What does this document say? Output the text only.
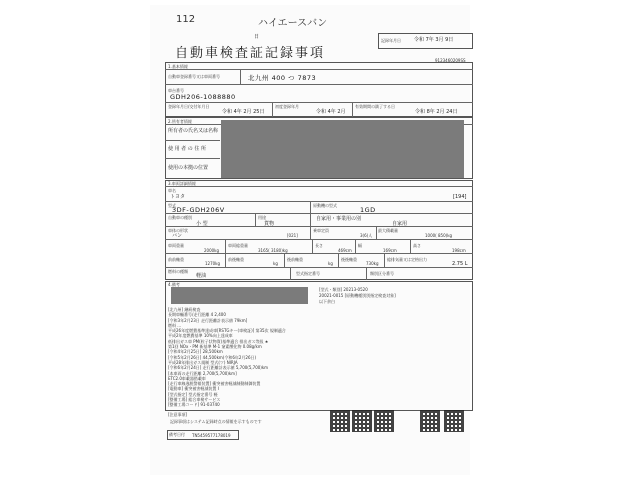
112	ハイエースバン
日
自動車検査証記録事項
記録年月日	令和 7年 3月 9日
9123460209SS
1.基本情報
自動車登録番号又は車両番号	北九州 400 つ 7873
車台番号
GDH206-1088880
登録年月日/交付年月日
令和 4年 2月 25日
初度登録年月
令和 4年 2月
有効期間の満了する日
令和 8年 2月 24日
2.所有者情報
所有者の氏名又は名称
使 用 者 の 住 所
使用の本拠の位置
3.車両詳細情報
車名
トヨタ	[194]
型式
3DF-GDH206V
原動機の型式
1GD
自動車の種別
小 型
用途
貨物
自家用・事業用の別
自家用
車体の形状
バン	[021]
乗車定員
3(6)人
最大積載量
1000( 850)kg
車両重量
2000kg
車両総重量
3165( 3180)kg
長さ
469cm
幅
169cm
高さ
198cm
前前軸重
1270kg
前後軸重
kg
後前軸重
kg
後後軸重
730kg
総排気量又は定格出力
2.75 L
燃料の種類
軽油	型式指定番号	類別区分番号
4.備考
[型式・類別] 20213-0520
20021-0015 [原動機種別別指定検査対象]
以下余白
[北九州] 継続検査
長期車輛番号/走行距離 4 2,400
[令和3年2月23日 走行距離計表示値 79km]
燃料 ...
平成26年度燃費基準達成車[RSTGキー(車検証)] 第35次 規制適合
平成2年度燃費基準 10%向上達成車
低排出ガス車 PM(粒子状物質)基準適合 排出ガス等級 ★
第1回 NOx・PM 新基準 M-1 窒素酸化物 0.08g/km
[令和4年2月25日] 28,500km
[令和5年2月26日] 44,500km(令和6年2月26日)
平成28年排出ガス規制 型式(ツ) NIRJA
[令和6年2月24日] 走行距離計表示値 5,700(5,700)km
[本車両の走行距離 2,700(5,700)km]
ETC2.0車載器搭載車
[走行車線逸脱警報装置] 衝突被害軽減制動制御装置
[電動車] 衝突被害軽減装置 Ⅰ
[型式指定] 型式指定番号 軽
[整備工場] 総合車検サービス
[整備工場コード] 91-03740
[注意事項]
記録事項はシステム記録時点の情報を示すものです
備考日付 TN5459577178019
